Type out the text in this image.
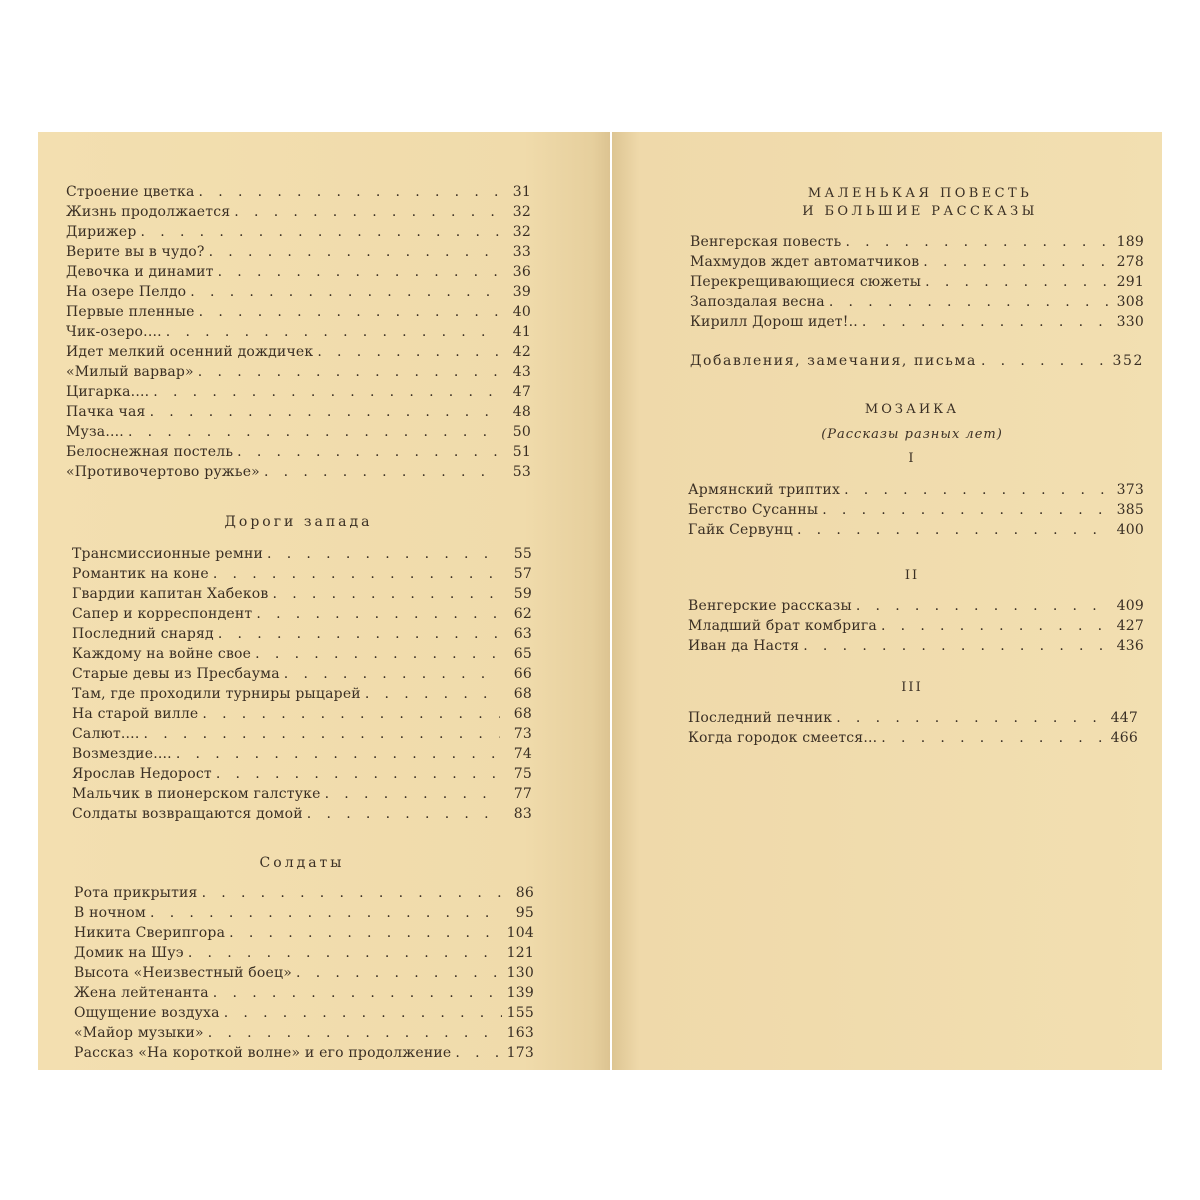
Строение цветка . . .	31
Жизнь продолжается . . .	32
Дирижер . . .	32
Верите вы в чудо? . . .	33
Девочка и динамит . . .	36
На озере Пелдо . . .	39
Первые пленные . . .	40
Чик-озеро.... . . .	41
Идет мелкий осенний дождичек . . .	42
«Милый варвар» . . .	43
Цигарка.... . . .	47
Пачка чая . . .	48
Муза.... . . .	50
Белоснежная постель . . .	51
«Противочертово ружье» . . .	53
Дороги запада
Трансмиссионные ремни . . .	55
Романтик на коне . . .	57
Гвардии капитан Хабеков . . .	59
Сапер и корреспондент . . .	62
Последний снаряд . . .	63
Каждому на войне свое . . .	65
Старые девы из Пресбаума . . .	66
Там, где проходили турниры рыцарей . . .	68
На старой вилле . . .	68
Салют.... . . .	73
Возмездие.... . . .	74
Ярослав Недорост . . .	75
Мальчик в пионерском галстуке . . .	77
Солдаты возвращаются домой . . .	83
Солдаты
Рота прикрытия . . .	86
В ночном . . .	95
Никита Сверипгора . . .	104
Домик на Шуэ . . .	121
Высота «Неизвестный боец» . . .	130
Жена лейтенанта . . .	139
Ощущение воздуха . . .	155
«Майор музыки» . . .	163
Рассказ «На короткой волне» и его продолжение . . .	173
МАЛЕНЬКАЯ ПОВЕСТЬ
И БОЛЬШИЕ РАССКАЗЫ
Венгерская повесть . . .	189
Махмудов ждет автоматчиков . . .	278
Перекрещивающиеся сюжеты . . .	291
Запоздалая весна . . .	308
Кирилл Дорош идет!.. . . .	330
Добавления, замечания, письма . . .	352
МОЗАИКА
(Рассказы разных лет)
I
Армянский триптих . . .	373
Бегство Сусанны . . .	385
Гайк Сервунц . . .	400
II
Венгерские рассказы . . .	409
Младший брат комбрига . . .	427
Иван да Настя . . .	436
III
Последний печник . . .	447
Когда городок смеется... . . .	466
